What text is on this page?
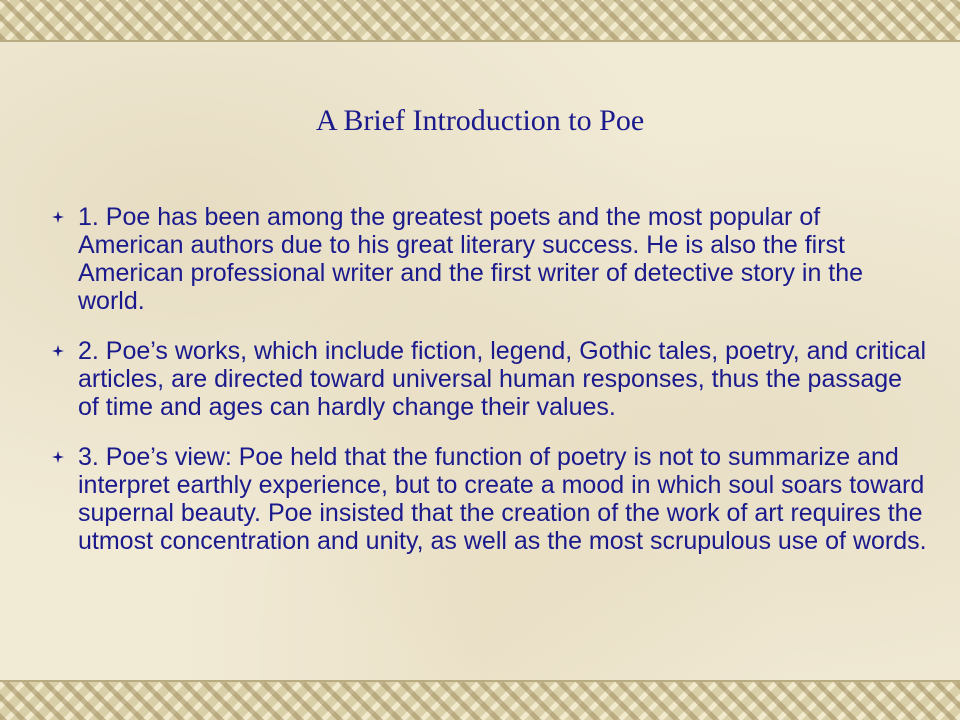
A Brief Introduction to Poe
1. Poe has been among the greatest poets and the most popular of American authors due to his great literary success. He is also the first American professional writer and the first writer of detective story in the world.
2. Poe’s works, which include fiction, legend, Gothic tales, poetry, and critical articles, are directed toward universal human responses, thus the passage of time and ages can hardly change their values.
3. Poe’s view: Poe held that the function of poetry is not to summarize and interpret earthly experience, but to create a mood in which soul soars toward supernal beauty. Poe insisted that the creation of the work of art requires the utmost concentration and unity, as well as the most scrupulous use of words.
